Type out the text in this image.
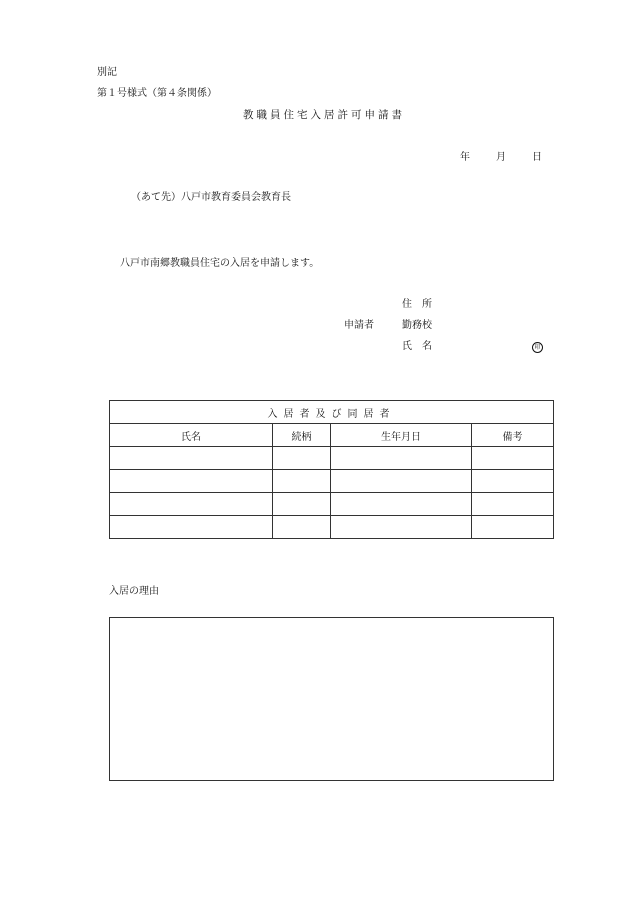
別記
第１号様式（第４条関係）
教職員住宅入居許可申請書
年	月	日
（あて先）八戸市教育委員会教育長
八戸市南郷教職員住宅の入居を申請します。
住　所
申請者	勤務校
氏　名	印
入居者及び同居者			
氏名	続柄	生年月日	備考

入居の理由
